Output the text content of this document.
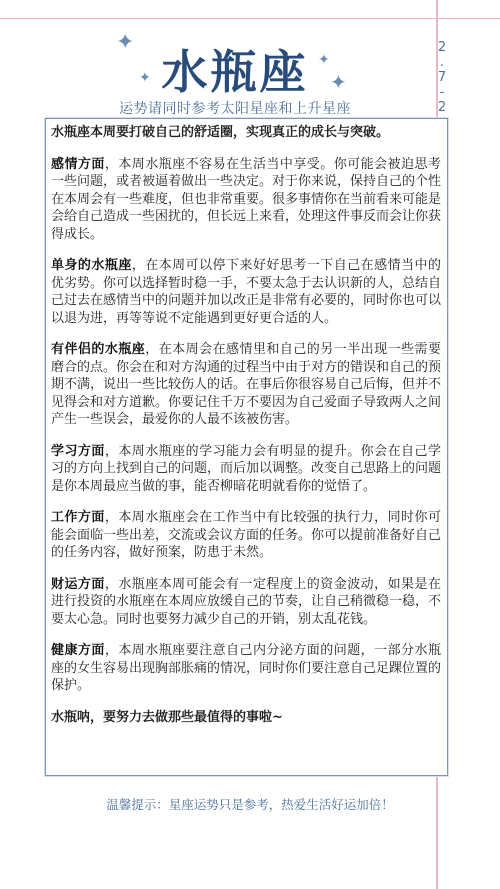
✦
✦
✦
✦
水瓶座
运势请同时参考太阳星座和上升星座
2
.
7
-
2

水瓶座本周要打破自己的舒适圈，实现真正的成长与突破。

感情方面，本周水瓶座不容易在生活当中享受。你可能会被迫思考一些问题，或者被逼着做出一些决定。对于你来说，保持自己的个性在本周会有一些难度，但也非常重要。很多事情你在当前看来可能是会给自己造成一些困扰的，但长远上来看，处理这件事反而会让你获得成长。

单身的水瓶座，在本周可以停下来好好思考一下自己在感情当中的优劣势。你可以选择暂时稳一手，不要太急于去认识新的人，总结自己过去在感情当中的问题并加以改正是非常有必要的，同时你也可以以退为进，再等等说不定能遇到更好更合适的人。

有伴侣的水瓶座，在本周会在感情里和自己的另一半出现一些需要磨合的点。你会在和对方沟通的过程当中由于对方的错误和自己的预期不满，说出一些比较伤人的话。在事后你很容易自己后悔，但并不见得会和对方道歉。你要记住千万不要因为自己爱面子导致两人之间产生一些误会，最爱你的人最不该被伤害。

学习方面，本周水瓶座的学习能力会有明显的提升。你会在自己学习的方向上找到自己的问题，而后加以调整。改变自己思路上的问题是你本周最应当做的事，能否柳暗花明就看你的觉悟了。

工作方面，本周水瓶座会在工作当中有比较强的执行力，同时你可能会面临一些出差，交流或会议方面的任务。你可以提前准备好自己的任务内容，做好预案，防患于未然。

财运方面，水瓶座本周可能会有一定程度上的资金波动，如果是在进行投资的水瓶座在本周应放缓自己的节奏，让自己稍微稳一稳，不要太心急。同时也要努力减少自己的开销，别太乱花钱。

健康方面，本周水瓶座要注意自己内分泌方面的问题，一部分水瓶座的女生容易出现胸部胀痛的情况，同时你们要注意自己足踝位置的保护。

水瓶呐，要努力去做那些最值得的事啦~

温馨提示：星座运势只是参考，热爱生活好运加倍！
